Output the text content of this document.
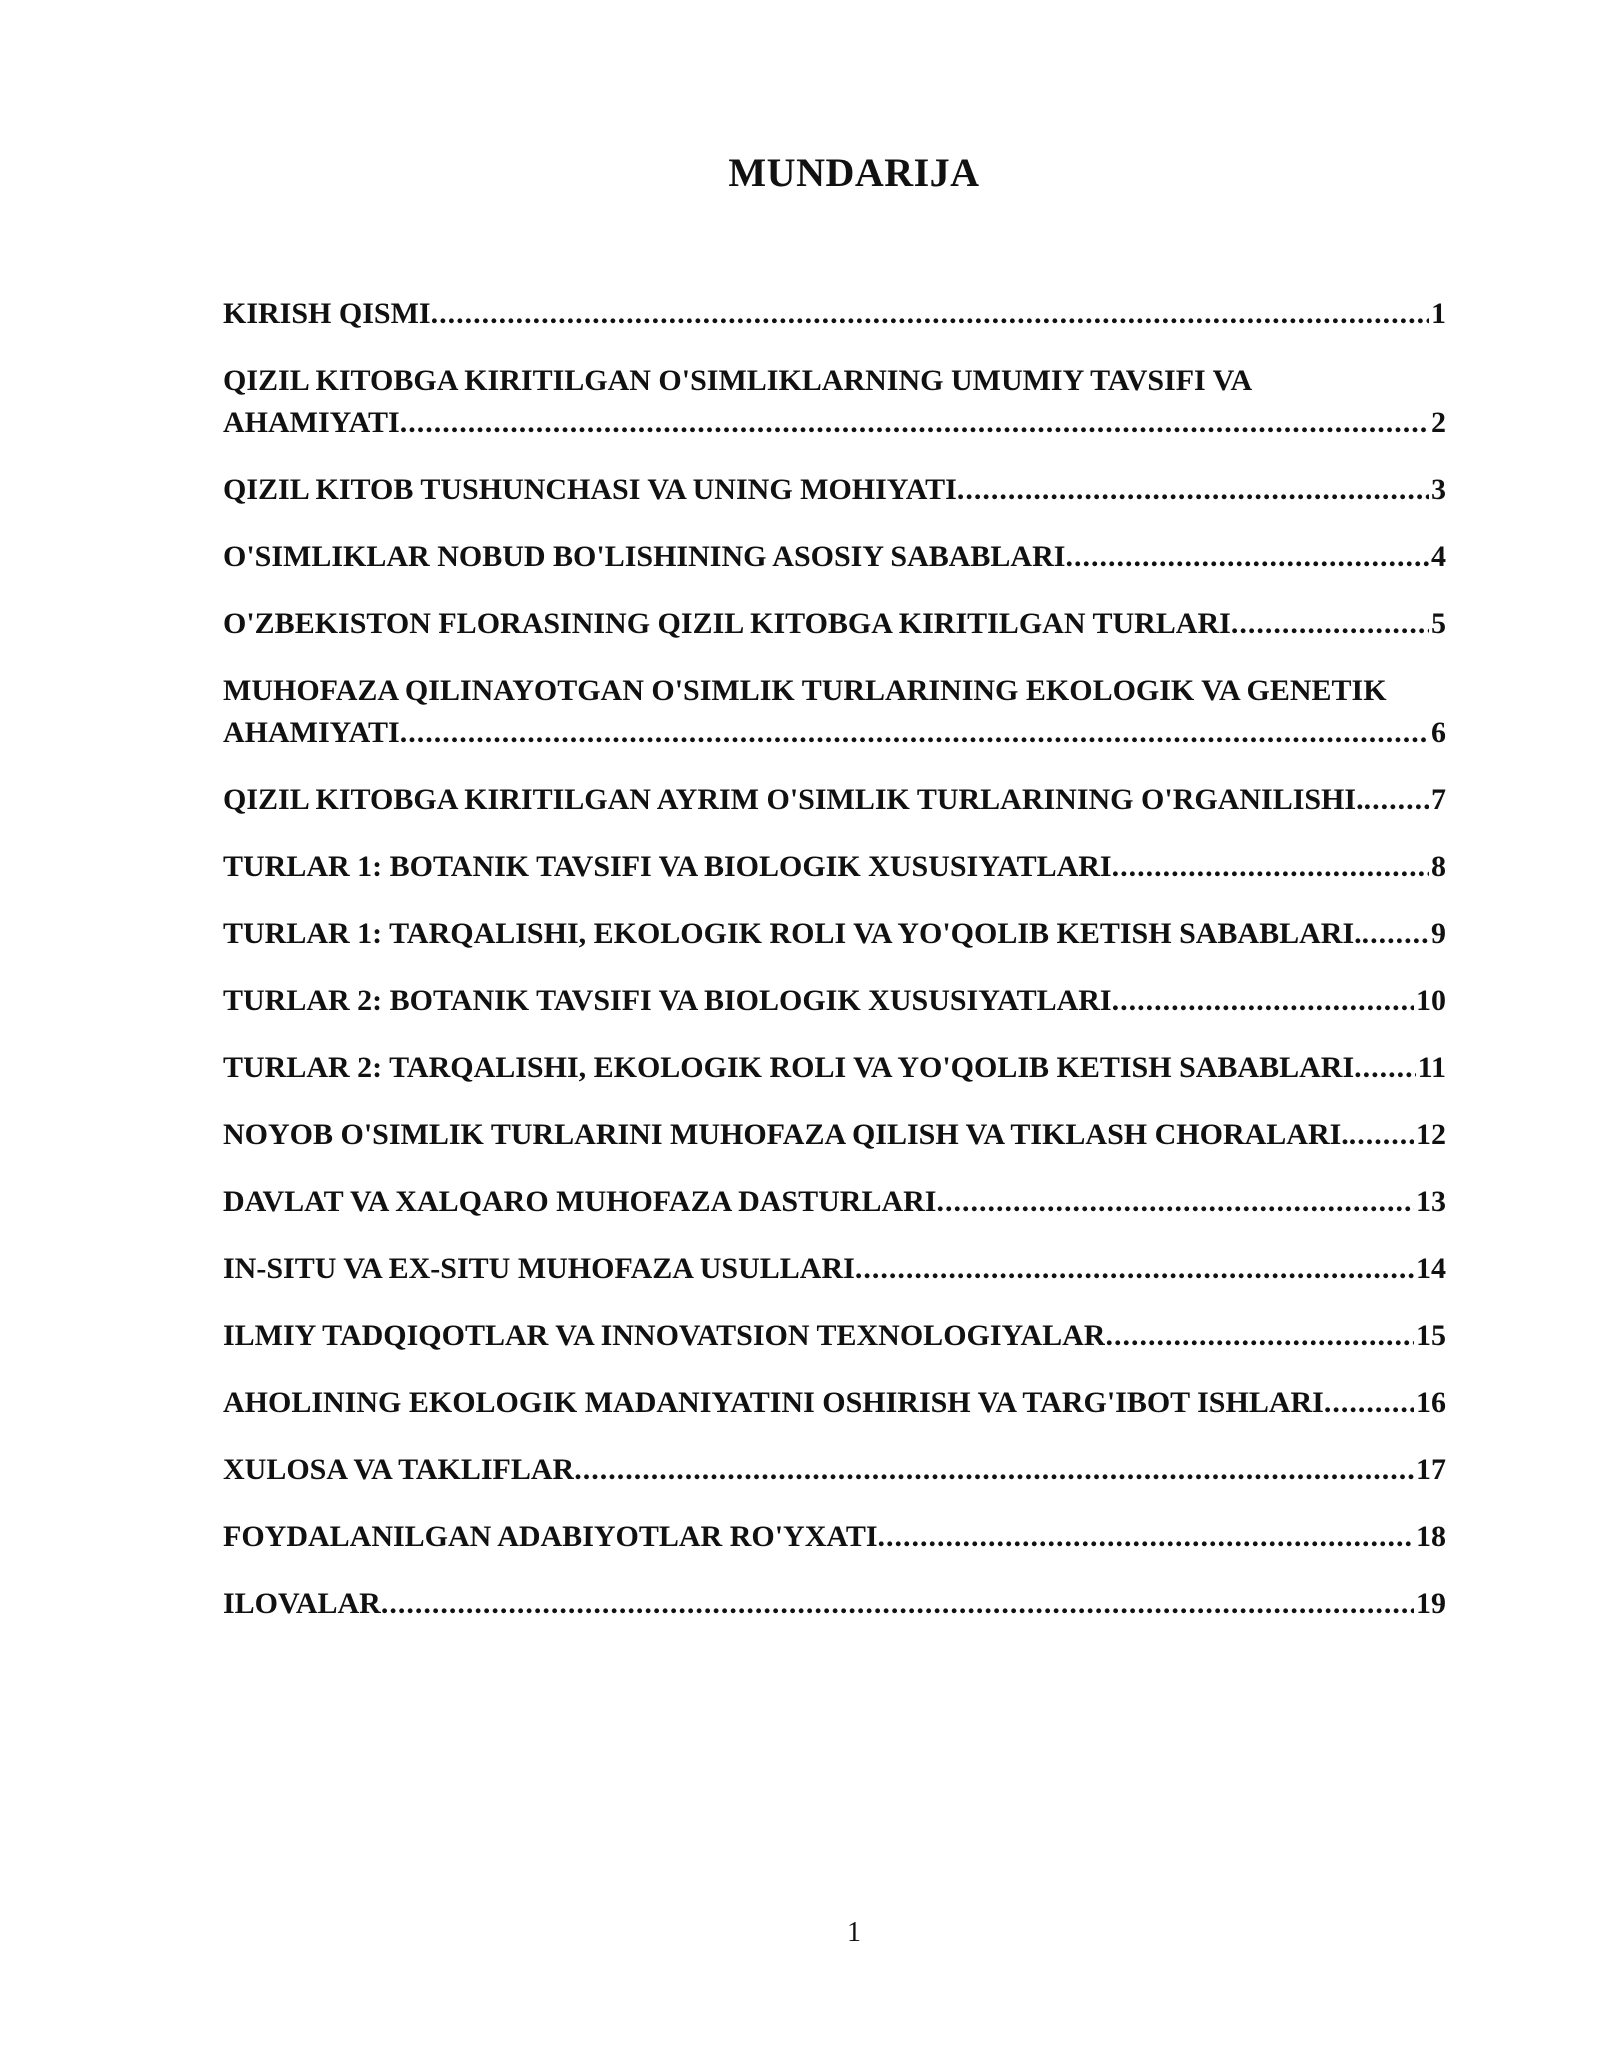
MUNDARIJA
KIRISH QISMI .....	1
QIZIL KITOBGA KIRITILGAN O'SIMLIKLARNING UMUMIY TAVSIFI VA
AHAMIYATI .....	2
QIZIL KITOB TUSHUNCHASI VA UNING MOHIYATI .....	3
O'SIMLIKLAR NOBUD BO'LISHINING ASOSIY SABABLARI .....	4
O'ZBEKISTON FLORASINING QIZIL KITOBGA KIRITILGAN TURLARI .....	5
MUHOFAZA QILINAYOTGAN O'SIMLIK TURLARINING EKOLOGIK VA GENETIK
AHAMIYATI .....	6
QIZIL KITOBGA KIRITILGAN AYRIM O'SIMLIK TURLARINING O'RGANILISHI. ..... 7
TURLAR 1: BOTANIK TAVSIFI VA BIOLOGIK XUSUSIYATLARI .....	8
TURLAR 1: TARQALISHI, EKOLOGIK ROLI VA YO'QOLIB KETISH SABABLARI. ..... 9
TURLAR 2: BOTANIK TAVSIFI VA BIOLOGIK XUSUSIYATLARI .....	10
TURLAR 2: TARQALISHI, EKOLOGIK ROLI VA YO'QOLIB KETISH SABABLARI ..... 11
NOYOB O'SIMLIK TURLARINI MUHOFAZA QILISH VA TIKLASH CHORALARI. ..... 12
DAVLAT VA XALQARO MUHOFAZA DASTURLARI .....	13
IN-SITU VA EX-SITU MUHOFAZA USULLARI .....	14
ILMIY TADQIQOTLAR VA INNOVATSION TEXNOLOGIYALAR .....	15
AHOLINING EKOLOGIK MADANIYATINI OSHIRISH VA TARG'IBOT ISHLARI .....	16
XULOSA VA TAKLIFLAR .....	17
FOYDALANILGAN ADABIYOTLAR RO'YXATI .....	18
ILOVALAR .....	19
1
